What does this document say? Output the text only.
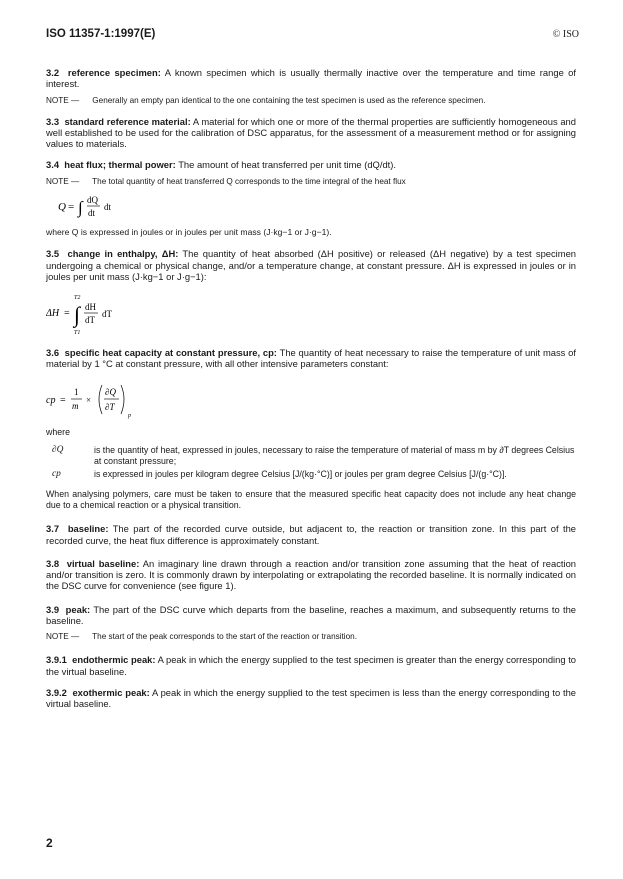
ISO 11357-1:1997(E)	© ISO

3.2 reference specimen: A known specimen which is usually thermally inactive over the temperature and time range of interest.

NOTE — Generally an empty pan identical to the one containing the test specimen is used as the reference specimen.

3.3 standard reference material: A material for which one or more of the thermal properties are sufficiently homogeneous and well established to be used for the calibration of DSC apparatus, for the assessment of a measurement method or for assigning values to materials.

3.4 heat flux; thermal power: The amount of heat transferred per unit time (dQ/dt).

NOTE — The total quantity of heat transferred Q corresponds to the time integral of the heat flux

Q = ∫ dQ
dt
dt

where Q is expressed in joules or in joules per unit mass (J·kg−1 or J·g−1).

3.5 change in enthalpy, ΔH: The quantity of heat absorbed (ΔH positive) or released (ΔH negative) by a test specimen undergoing a chemical or physical change, and/or a temperature change, at constant pressure. ΔH is expressed in joules or in joules per unit mass (J·kg−1 or J·g−1):

ΔH =
T2
∫
T1
dH
dT
dT

3.6 specific heat capacity at constant pressure, cp: The quantity of heat necessary to raise the temperature of unit mass of material by 1 °C at constant pressure, with all other intensive parameters constant:

cp =
1
m
×
∂Q
∂T
p

where

∂Q	is the quantity of heat, expressed in joules, necessary to raise the temperature of material of mass m by ∂T degrees Celsius at constant pressure;
cp	is expressed in joules per kilogram degree Celsius [J/(kg·°C)] or joules per gram degree Celsius [J/(g·°C)].

When analysing polymers, care must be taken to ensure that the measured specific heat capacity does not include any heat change due to a chemical reaction or a physical transition.

3.7 baseline: The part of the recorded curve outside, but adjacent to, the reaction or transition zone. In this part of the recorded curve, the heat flux difference is approximately constant.

3.8 virtual baseline: An imaginary line drawn through a reaction and/or transition zone assuming that the heat of reaction and/or transition is zero. It is commonly drawn by interpolating or extrapolating the recorded baseline. It is normally indicated on the DSC curve for convenience (see figure 1).

3.9 peak: The part of the DSC curve which departs from the baseline, reaches a maximum, and subsequently returns to the baseline.

NOTE — The start of the peak corresponds to the start of the reaction or transition.

3.9.1 endothermic peak: A peak in which the energy supplied to the test specimen is greater than the energy corresponding to the virtual baseline.

3.9.2 exothermic peak: A peak in which the energy supplied to the test specimen is less than the energy corresponding to the virtual baseline.

2
